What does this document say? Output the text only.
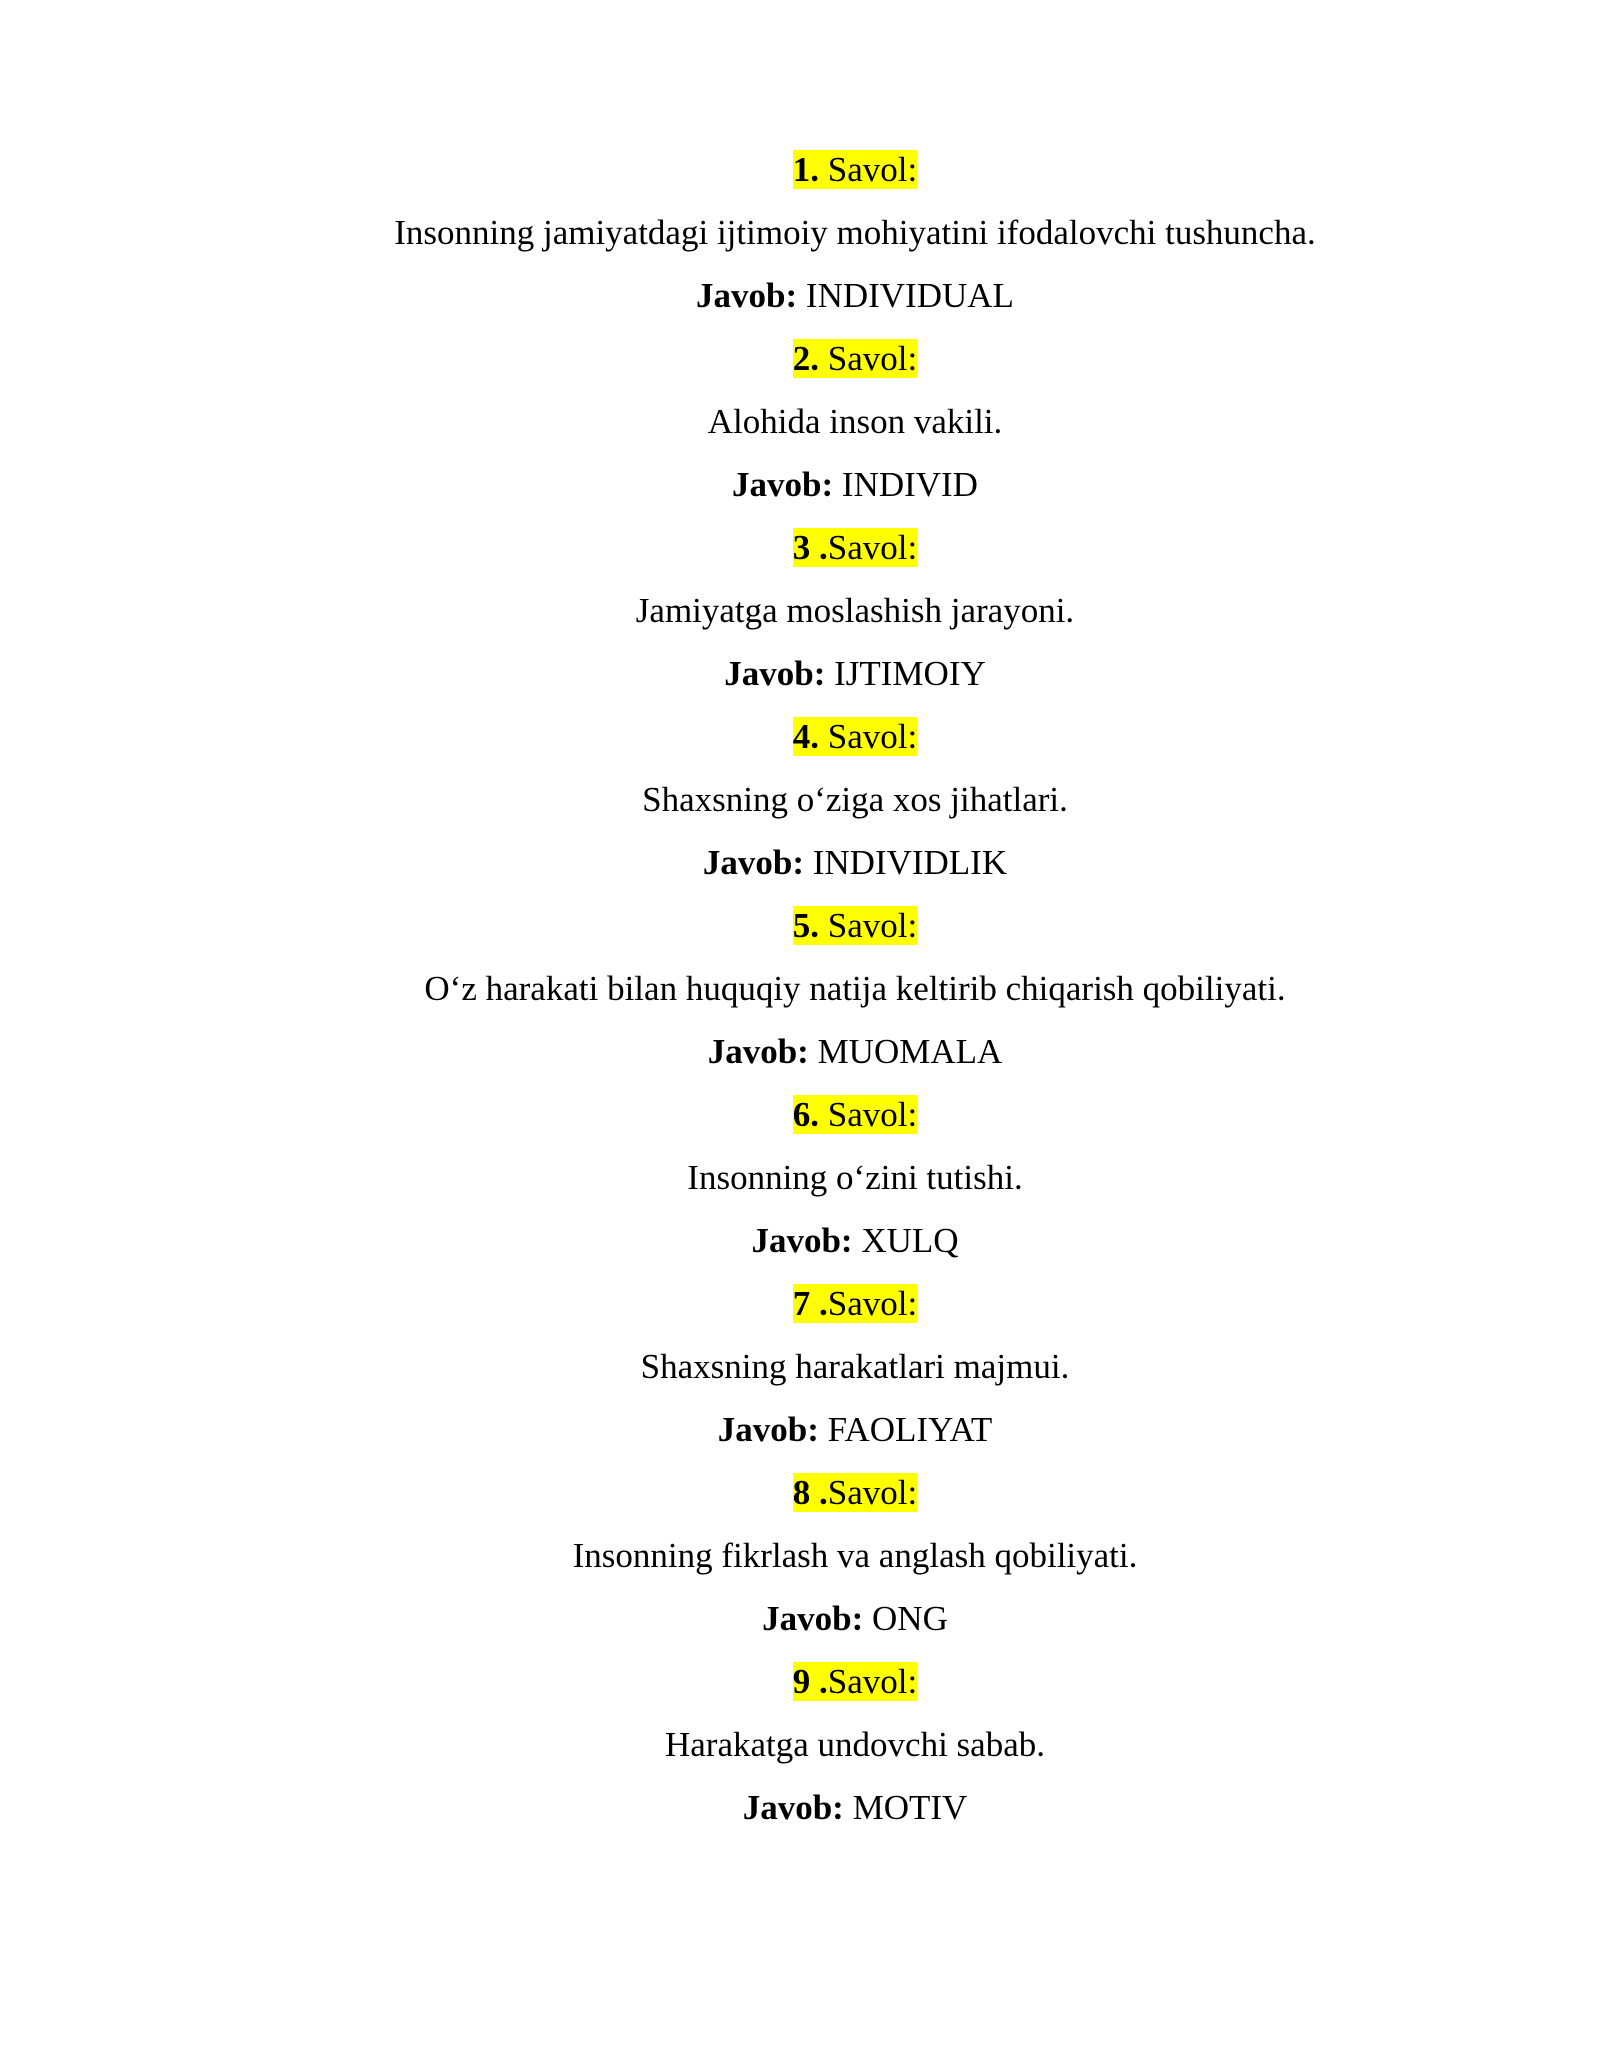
1. Savol:
Insonning jamiyatdagi ijtimoiy mohiyatini ifodalovchi tushuncha.
Javob: INDIVIDUAL
2. Savol:
Alohida inson vakili.
Javob: INDIVID
3 .Savol:
Jamiyatga moslashish jarayoni.
Javob: IJTIMOIY
4. Savol:
Shaxsning o‘ziga xos jihatlari.
Javob: INDIVIDLIK
5. Savol:
O‘z harakati bilan huquqiy natija keltirib chiqarish qobiliyati.
Javob: MUOMALA
6. Savol:
Insonning o‘zini tutishi.
Javob: XULQ
7 .Savol:
Shaxsning harakatlari majmui.
Javob: FAOLIYAT
8 .Savol:
Insonning fikrlash va anglash qobiliyati.
Javob: ONG
9 .Savol:
Harakatga undovchi sabab.
Javob: MOTIV
